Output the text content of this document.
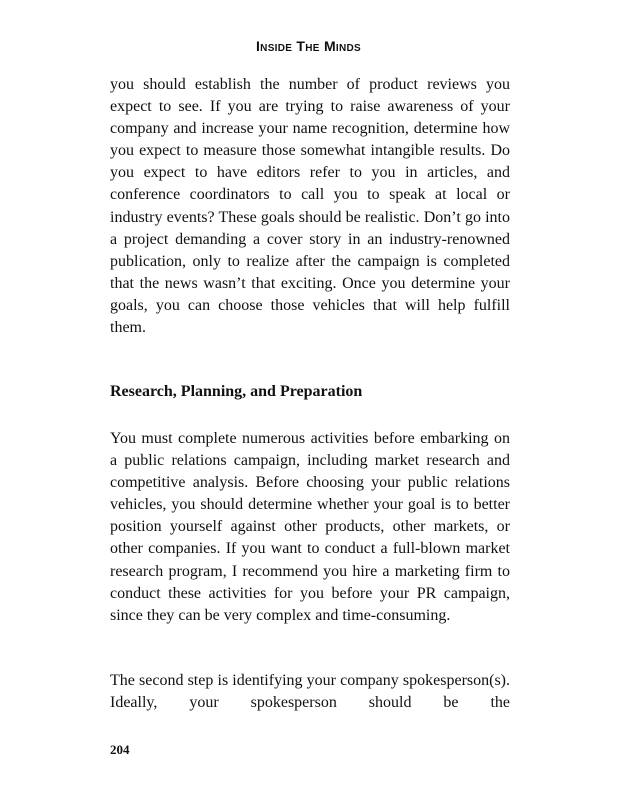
Inside The Minds

you should establish the number of product reviews you expect to see. If you are trying to raise awareness of your company and increase your name recognition, determine how you expect to measure those somewhat intangible results. Do you expect to have editors refer to you in articles, and conference coordinators to call you to speak at local or industry events? These goals should be realistic. Don’t go into a project demanding a cover story in an industry-renowned publication, only to realize after the campaign is completed that the news wasn’t that exciting. Once you determine your goals, you can choose those vehicles that will help fulfill them.

Research, Planning, and Preparation

You must complete numerous activities before embarking on a public relations campaign, including market research and competitive analysis. Before choosing your public relations vehicles, you should determine whether your goal is to better position yourself against other products, other markets, or other companies. If you want to conduct a full-blown market research program, I recommend you hire a marketing firm to conduct these activities for you before your PR campaign, since they can be very complex and time-consuming.

The second step is identifying your company spokesperson(s). Ideally, your spokesperson should be the

204
